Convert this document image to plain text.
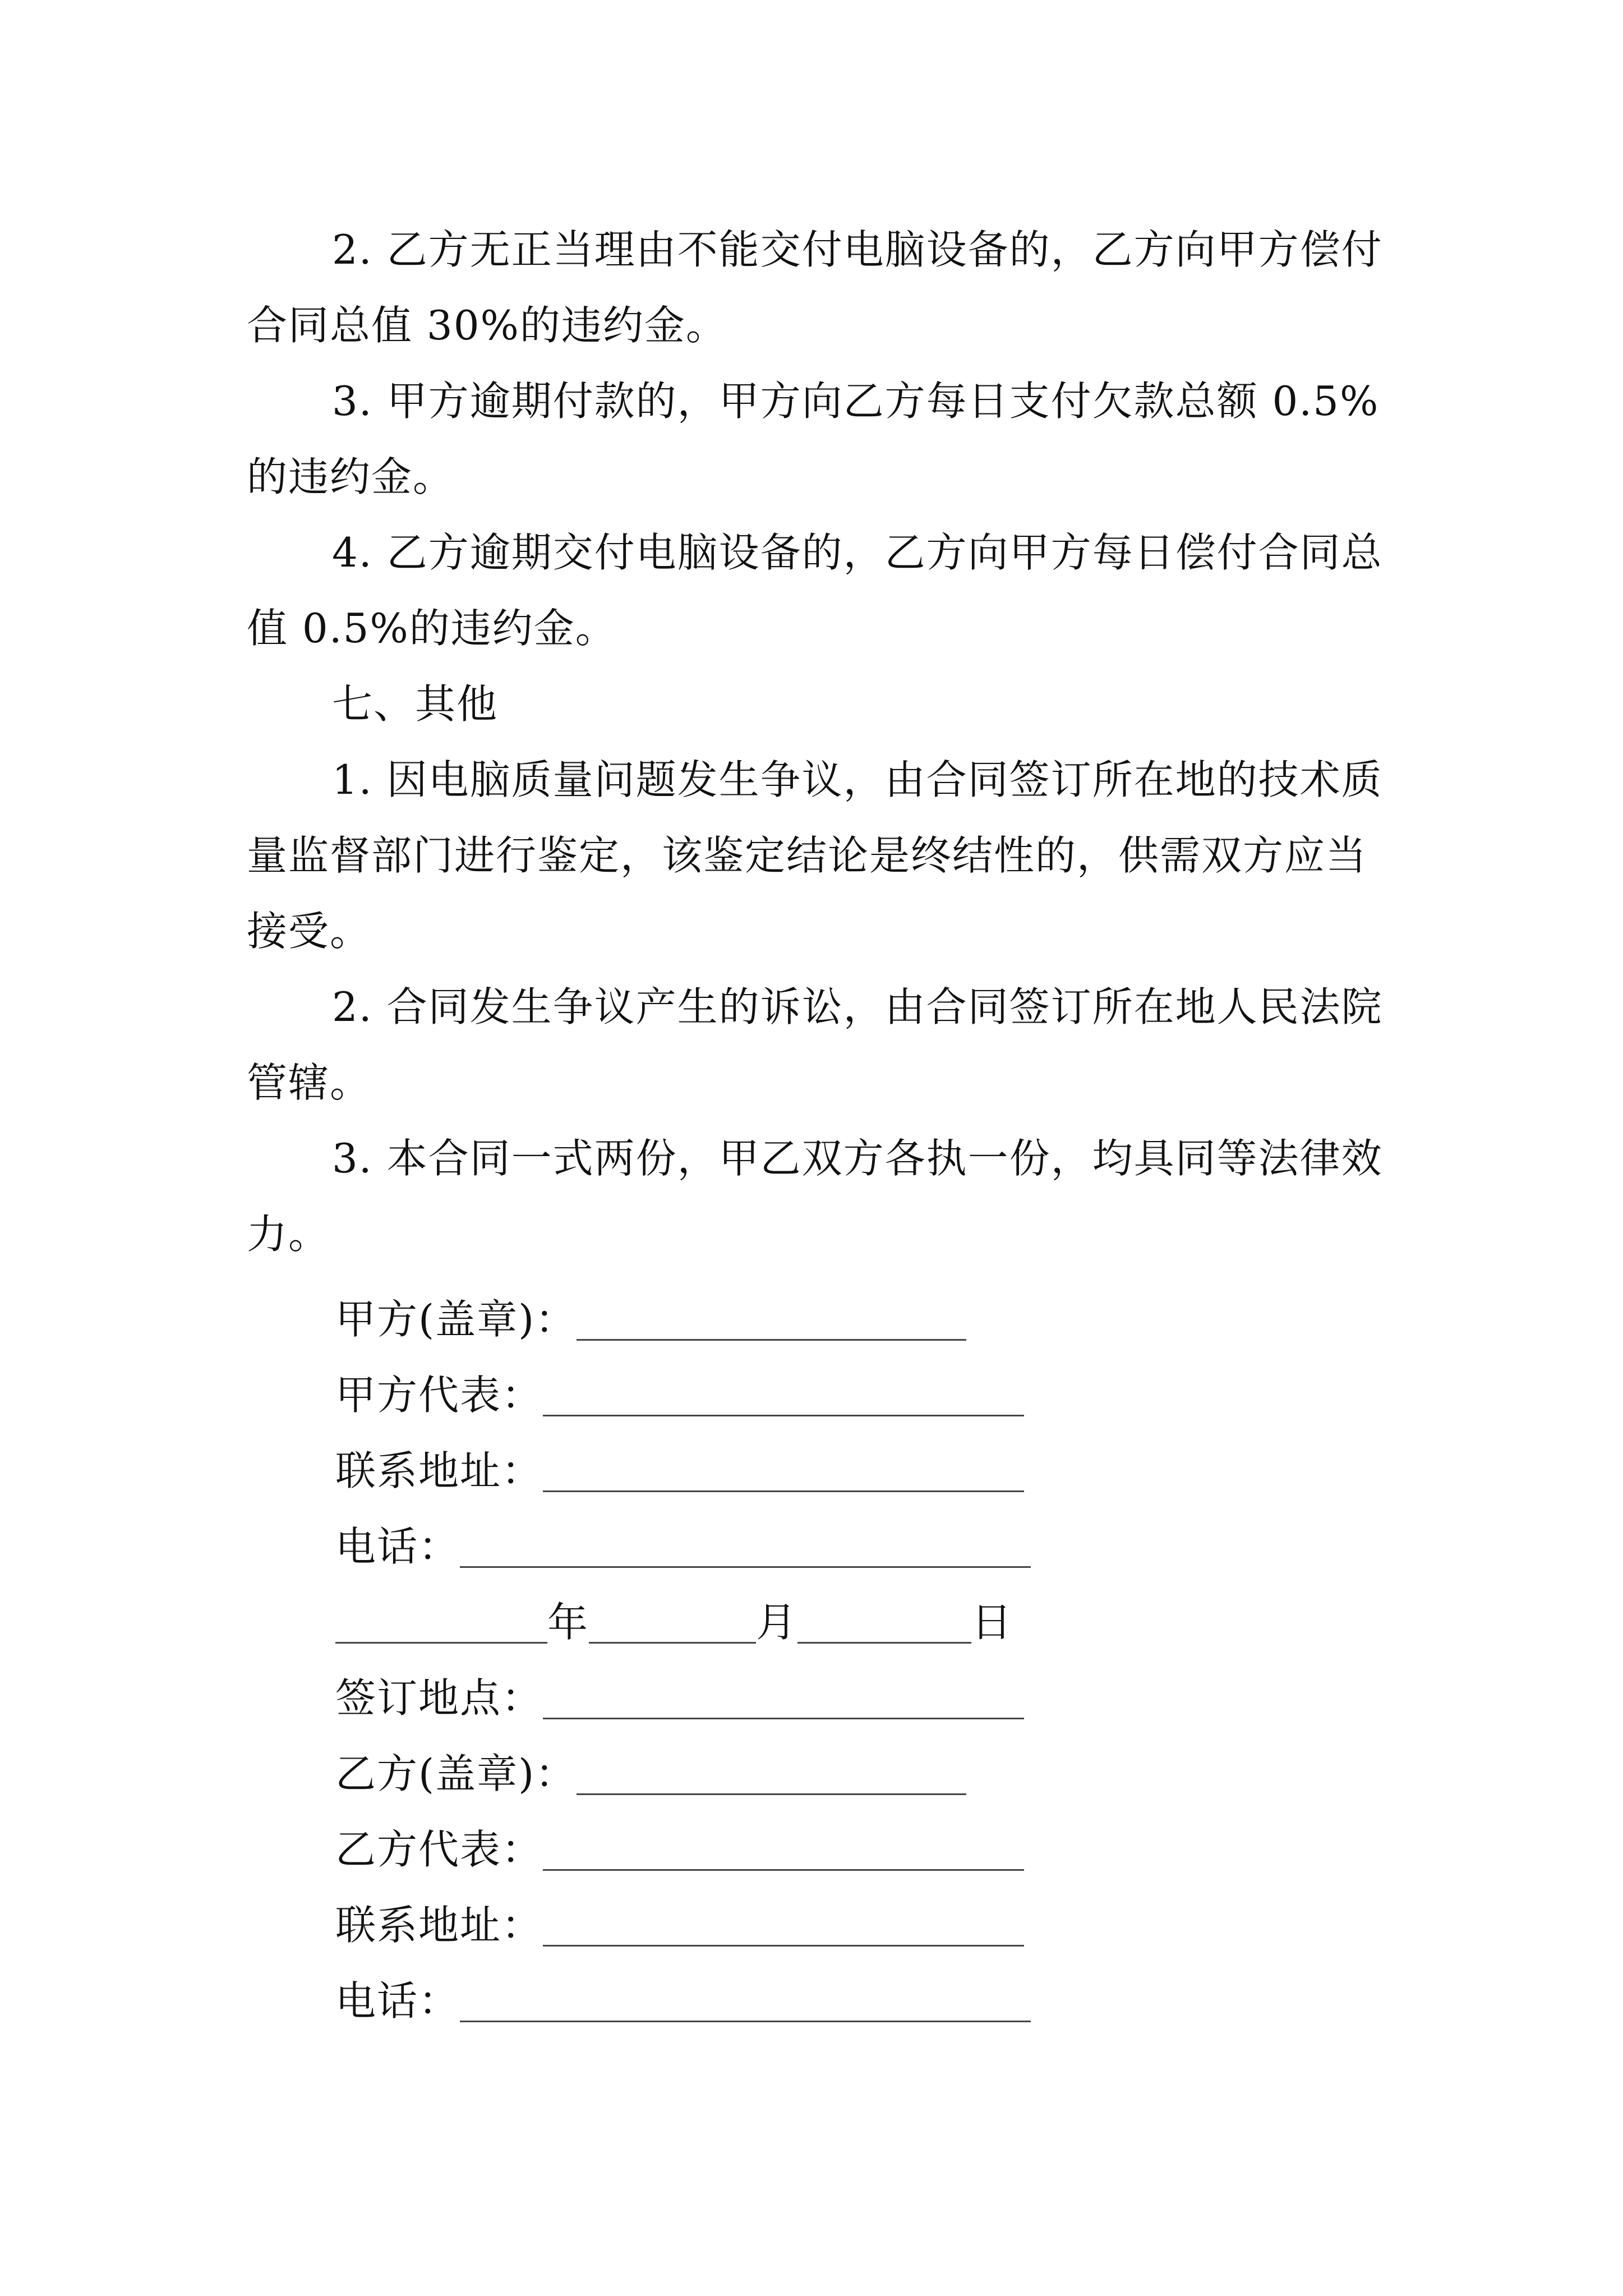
2. 乙方无正当理由不能交付电脑设备的，乙方向甲方偿付合同总值 30%的违约金。

3. 甲方逾期付款的，甲方向乙方每日支付欠款总额 0.5%的违约金。

4. 乙方逾期交付电脑设备的，乙方向甲方每日偿付合同总值 0.5%的违约金。

七、其他

1. 因电脑质量问题发生争议，由合同签订所在地的技术质量监督部门进行鉴定，该鉴定结论是终结性的，供需双方应当接受。

2. 合同发生争议产生的诉讼，由合同签订所在地人民法院管辖。

3. 本合同一式两份，甲乙双方各执一份，均具同等法律效力。

甲方(盖章)：
甲方代表：
联系地址：
电话：
年	月	日
签订地点：
乙方(盖章)：
乙方代表：
联系地址：
电话：
